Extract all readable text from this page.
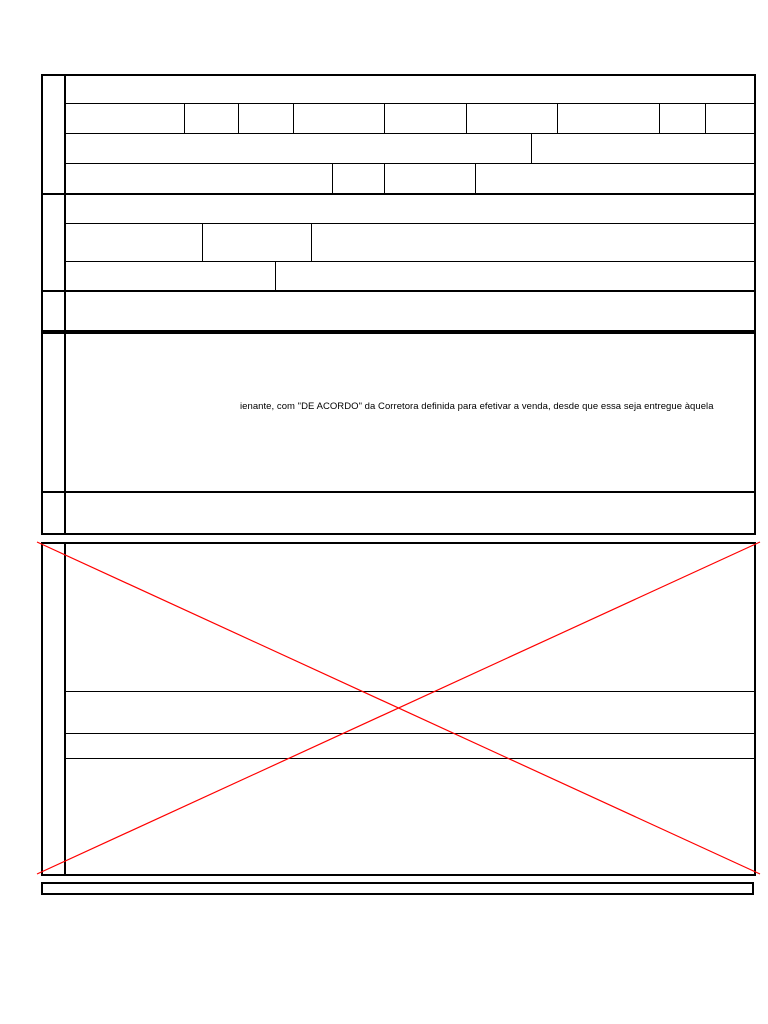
ienante, com "DE ACORDO" da Corretora definida para efetivar a venda, desde que essa seja entregue àquela
